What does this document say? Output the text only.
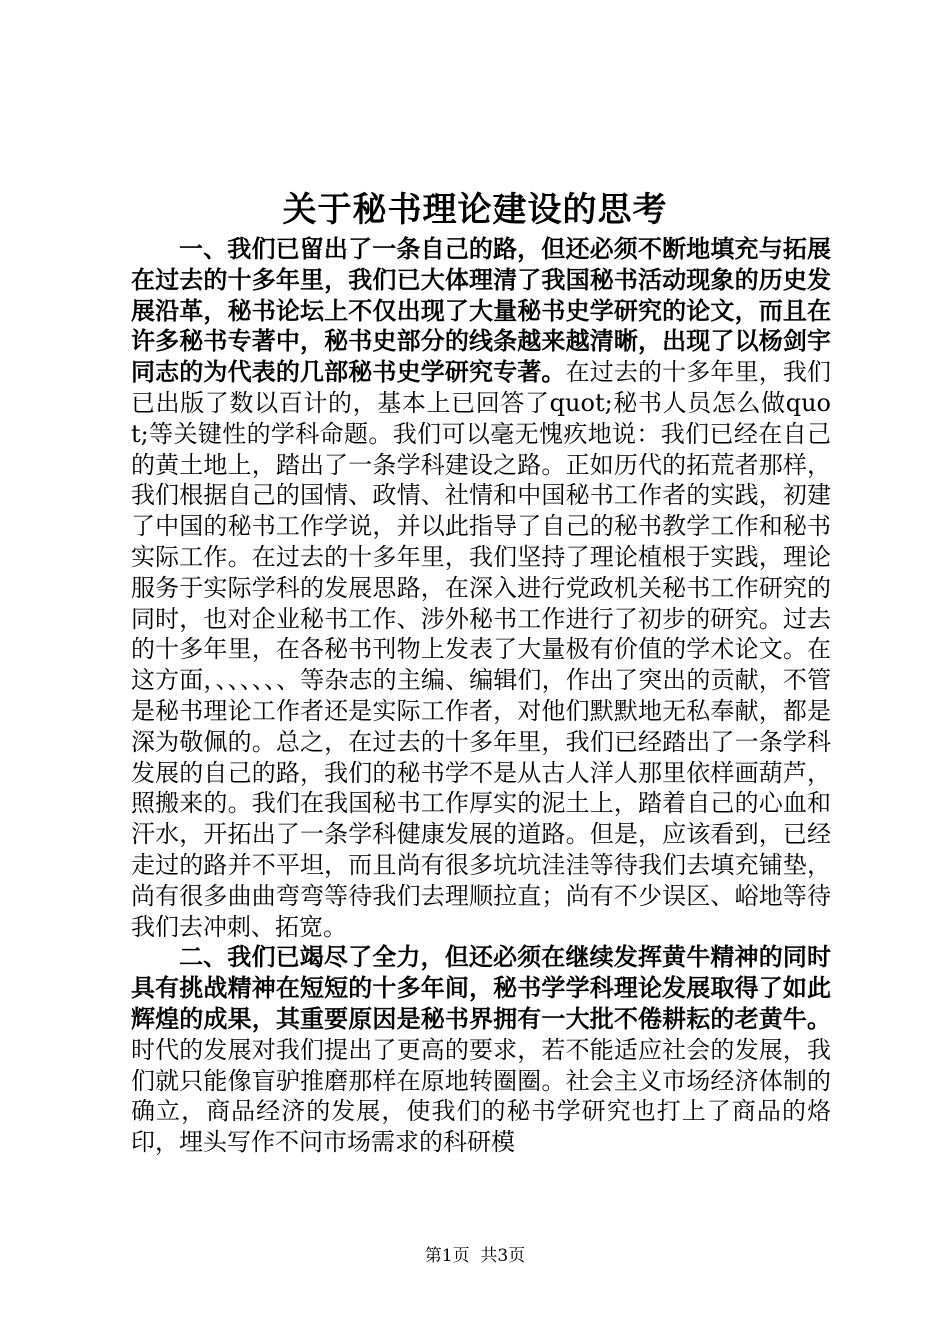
关于秘书理论建设的思考

一、我们已留出了一条自己的路，但还必须不断地填充与拓展在过去的十多年里，我们已大体理清了我国秘书活动现象的历史发展沿革，秘书论坛上不仅出现了大量秘书史学研究的论文，而且在许多秘书专著中，秘书史部分的线条越来越清晰，出现了以杨剑宇同志的为代表的几部秘书史学研究专著。在过去的十多年里，我们已出版了数以百计的，基本上已回答了quot;秘书人员怎么做quot;等关键性的学科命题。我们可以毫无愧疚地说：我们已经在自己的黄土地上，踏出了一条学科建设之路。正如历代的拓荒者那样，我们根据自己的国情、政情、社情和中国秘书工作者的实践，初建了中国的秘书工作学说，并以此指导了自己的秘书教学工作和秘书实际工作。在过去的十多年里，我们坚持了理论植根于实践，理论服务于实际学科的发展思路，在深入进行党政机关秘书工作研究的同时，也对企业秘书工作、涉外秘书工作进行了初步的研究。过去的十多年里，在各秘书刊物上发表了大量极有价值的学术论文。在这方面，、、、、、、等杂志的主编、编辑们，作出了突出的贡献，不管是秘书理论工作者还是实际工作者，对他们默默地无私奉献，都是深为敬佩的。总之，在过去的十多年里，我们已经踏出了一条学科发展的自己的路，我们的秘书学不是从古人洋人那里依样画葫芦，照搬来的。我们在我国秘书工作厚实的泥土上，踏着自己的心血和汗水，开拓出了一条学科健康发展的道路。但是，应该看到，已经走过的路并不平坦，而且尚有很多坑坑洼洼等待我们去填充铺垫，尚有很多曲曲弯弯等待我们去理顺拉直；尚有不少误区、峪地等待我们去冲刺、拓宽。

二、我们已竭尽了全力，但还必须在继续发挥黄牛精神的同时具有挑战精神在短短的十多年间，秘书学学科理论发展取得了如此辉煌的成果，其重要原因是秘书界拥有一大批不倦耕耘的老黄牛。时代的发展对我们提出了更高的要求，若不能适应社会的发展，我们就只能像盲驴推磨那样在原地转圈圈。社会主义市场经济体制的确立，商品经济的发展，使我们的秘书学研究也打上了商品的烙印，埋头写作不问市场需求的科研模

第1页 共3页
